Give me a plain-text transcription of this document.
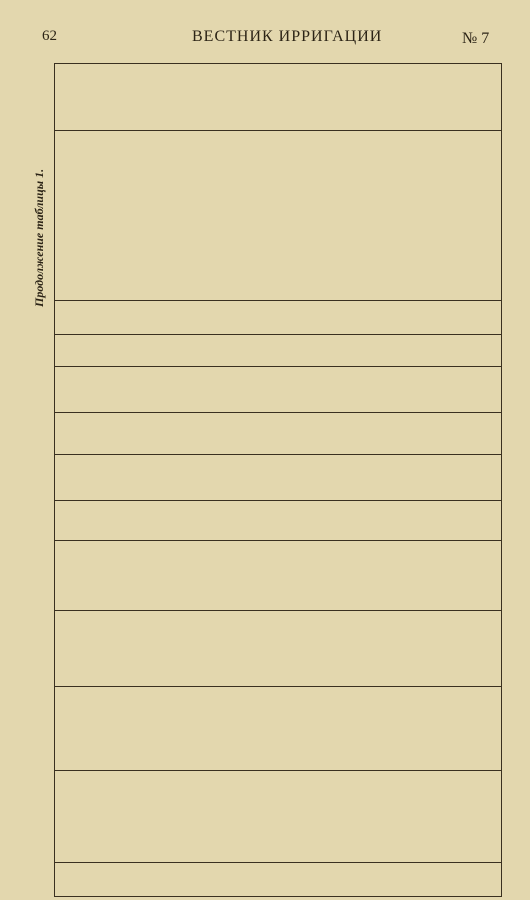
62	ВЕСТНИК ИРРИГАЦИИ	№ 7
Продолжение таблицы 1.
